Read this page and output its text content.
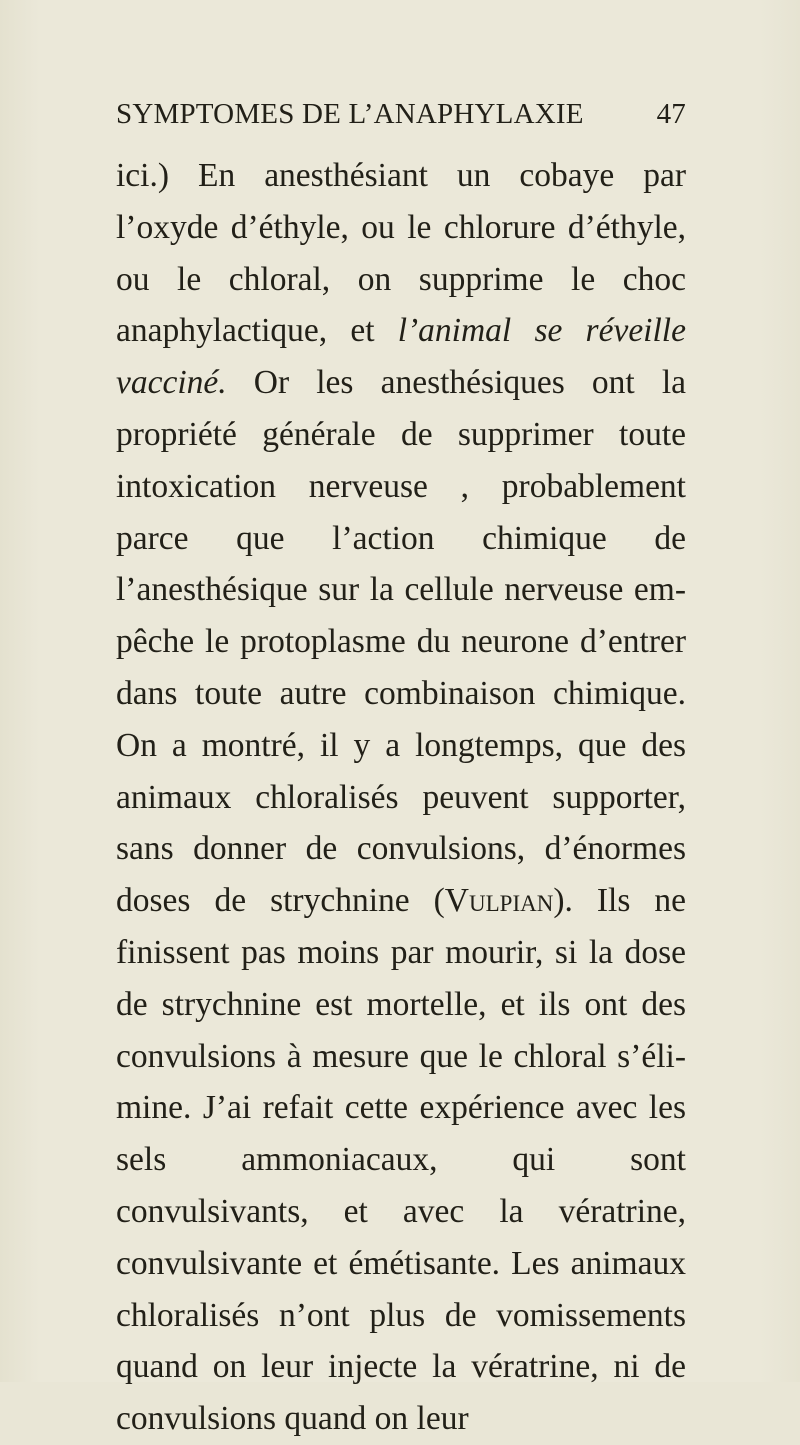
SYMPTOMES DE L’ANAPHYLAXIE	47

ici.) En anesthésiant un cobaye par l’oxyde d’éthyle, ou le chlorure d’éthyle, ou le chloral, on supprime le choc anaphylactique, et l’animal se réveille vacciné. Or les anesthésiques ont la propriété générale de supprimer toute intoxication nerveuse , probablement parce que l’action chimique de l’anesthésique sur la cellule nerveuse empêche le protoplasme du neurone d’entrer dans toute autre combinaison chimique. On a montré, il y a longtemps, que des animaux chloralisés peuvent supporter, sans donner de convulsions, d’énormes doses de strychnine (Vulpian). Ils ne finissent pas moins par mourir, si la dose de strychnine est mortelle, et ils ont des convulsions à mesure que le chloral s’élimine. J’ai refait cette expérience avec les sels ammoniacaux, qui sont convulsivants, et avec la vératrine, convulsivante et émétisante. Les animaux chloralisés n’ont plus de vomissements quand on leur injecte la vératrine, ni de convulsions quand on leur
